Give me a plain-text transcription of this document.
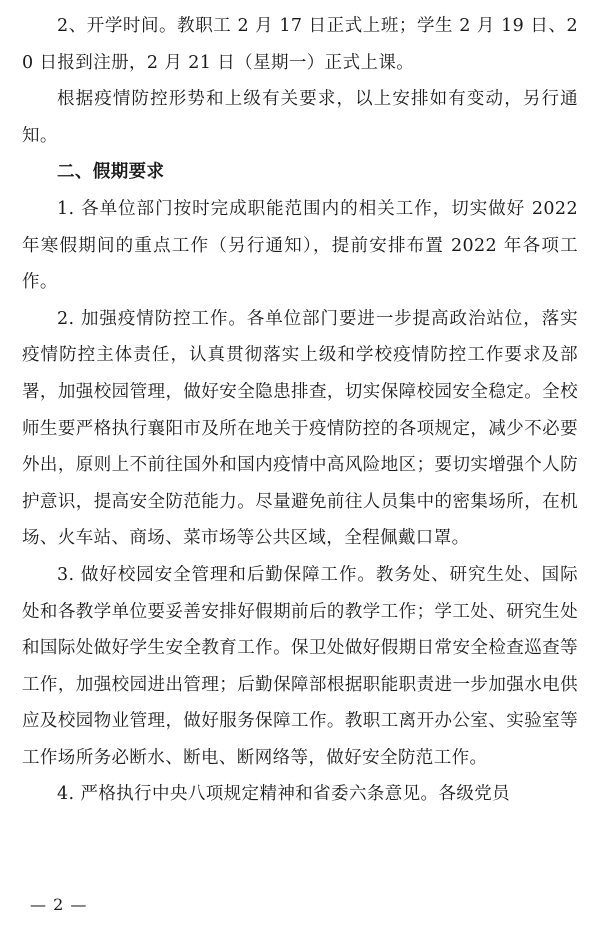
2、开学时间。教职工 2 月 17 日正式上班；学生 2 月 19 日、20 日报到注册，2 月 21 日（星期一）正式上课。

根据疫情防控形势和上级有关要求，以上安排如有变动，另行通知。

二、假期要求

1. 各单位部门按时完成职能范围内的相关工作，切实做好 2022 年寒假期间的重点工作（另行通知），提前安排布置 2022 年各项工作。

2. 加强疫情防控工作。各单位部门要进一步提高政治站位，落实疫情防控主体责任，认真贯彻落实上级和学校疫情防控工作要求及部署，加强校园管理，做好安全隐患排查，切实保障校园安全稳定。全校师生要严格执行襄阳市及所在地关于疫情防控的各项规定，减少不必要外出，原则上不前往国外和国内疫情中高风险地区；要切实增强个人防护意识，提高安全防范能力。尽量避免前往人员集中的密集场所，在机场、火车站、商场、菜市场等公共区域，全程佩戴口罩。

3. 做好校园安全管理和后勤保障工作。教务处、研究生处、国际处和各教学单位要妥善安排好假期前后的教学工作；学工处、研究生处和国际处做好学生安全教育工作。保卫处做好假期日常安全检查巡查等工作，加强校园进出管理；后勤保障部根据职能职责进一步加强水电供应及校园物业管理，做好服务保障工作。教职工离开办公室、实验室等工作场所务必断水、断电、断网络等，做好安全防范工作。

4. 严格执行中央八项规定精神和省委六条意见。各级党员

— 2 —
